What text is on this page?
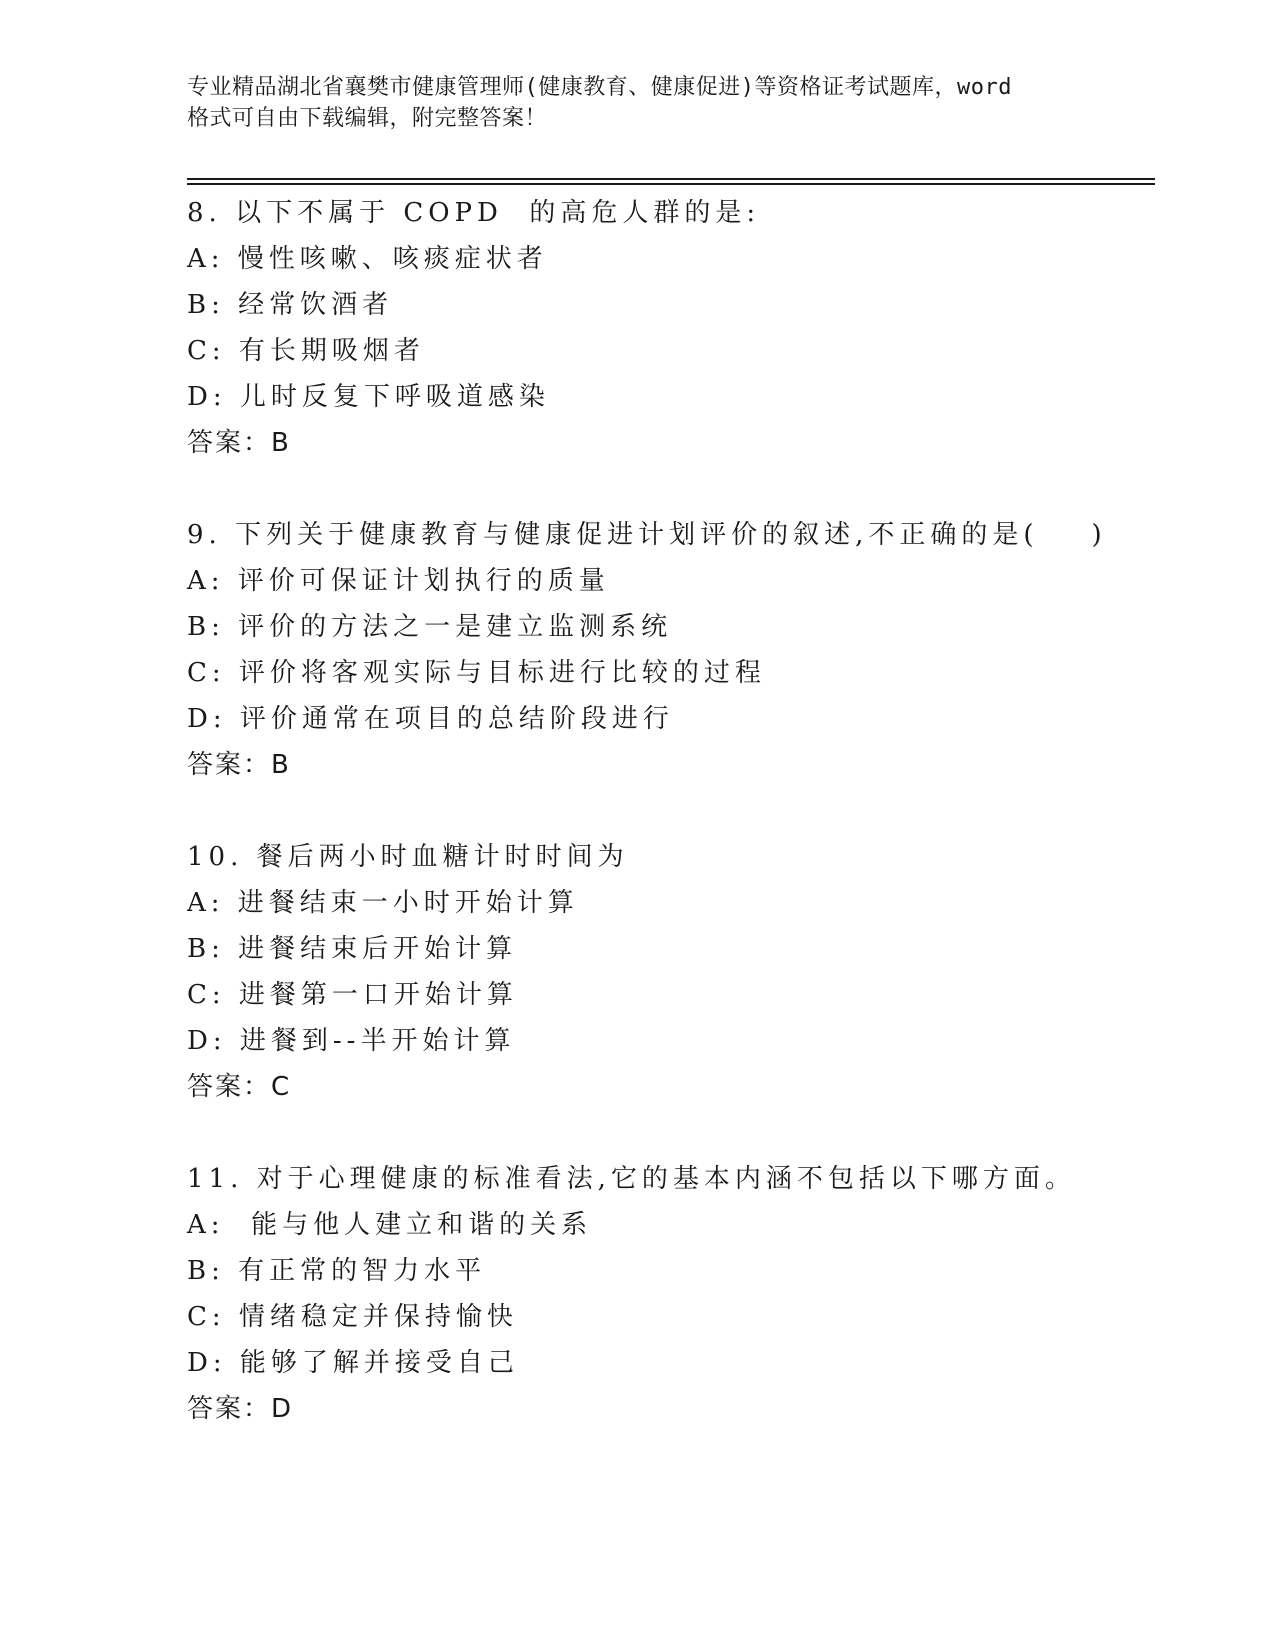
专业精品湖北省襄樊市健康管理师(健康教育、健康促进)等资格证考试题库，word
格式可自由下载编辑，附完整答案！
8. 以下不属于 COPD  的高危人群的是:
A: 慢性咳嗽、咳痰症状者
B: 经常饮酒者
C: 有长期吸烟者
D: 儿时反复下呼吸道感染
答案：B
9. 下列关于健康教育与健康促进计划评价的叙述,不正确的是(    )
A: 评价可保证计划执行的质量
B: 评价的方法之一是建立监测系统
C: 评价将客观实际与目标进行比较的过程
D: 评价通常在项目的总结阶段进行
答案：B
10. 餐后两小时血糖计时时间为
A: 进餐结束一小时开始计算
B: 进餐结束后开始计算
C: 进餐第一口开始计算
D: 进餐到--半开始计算
答案：C
11. 对于心理健康的标准看法,它的基本内涵不包括以下哪方面。
A:  能与他人建立和谐的关系
B: 有正常的智力水平
C: 情绪稳定并保持愉快
D: 能够了解并接受自己
答案：D
